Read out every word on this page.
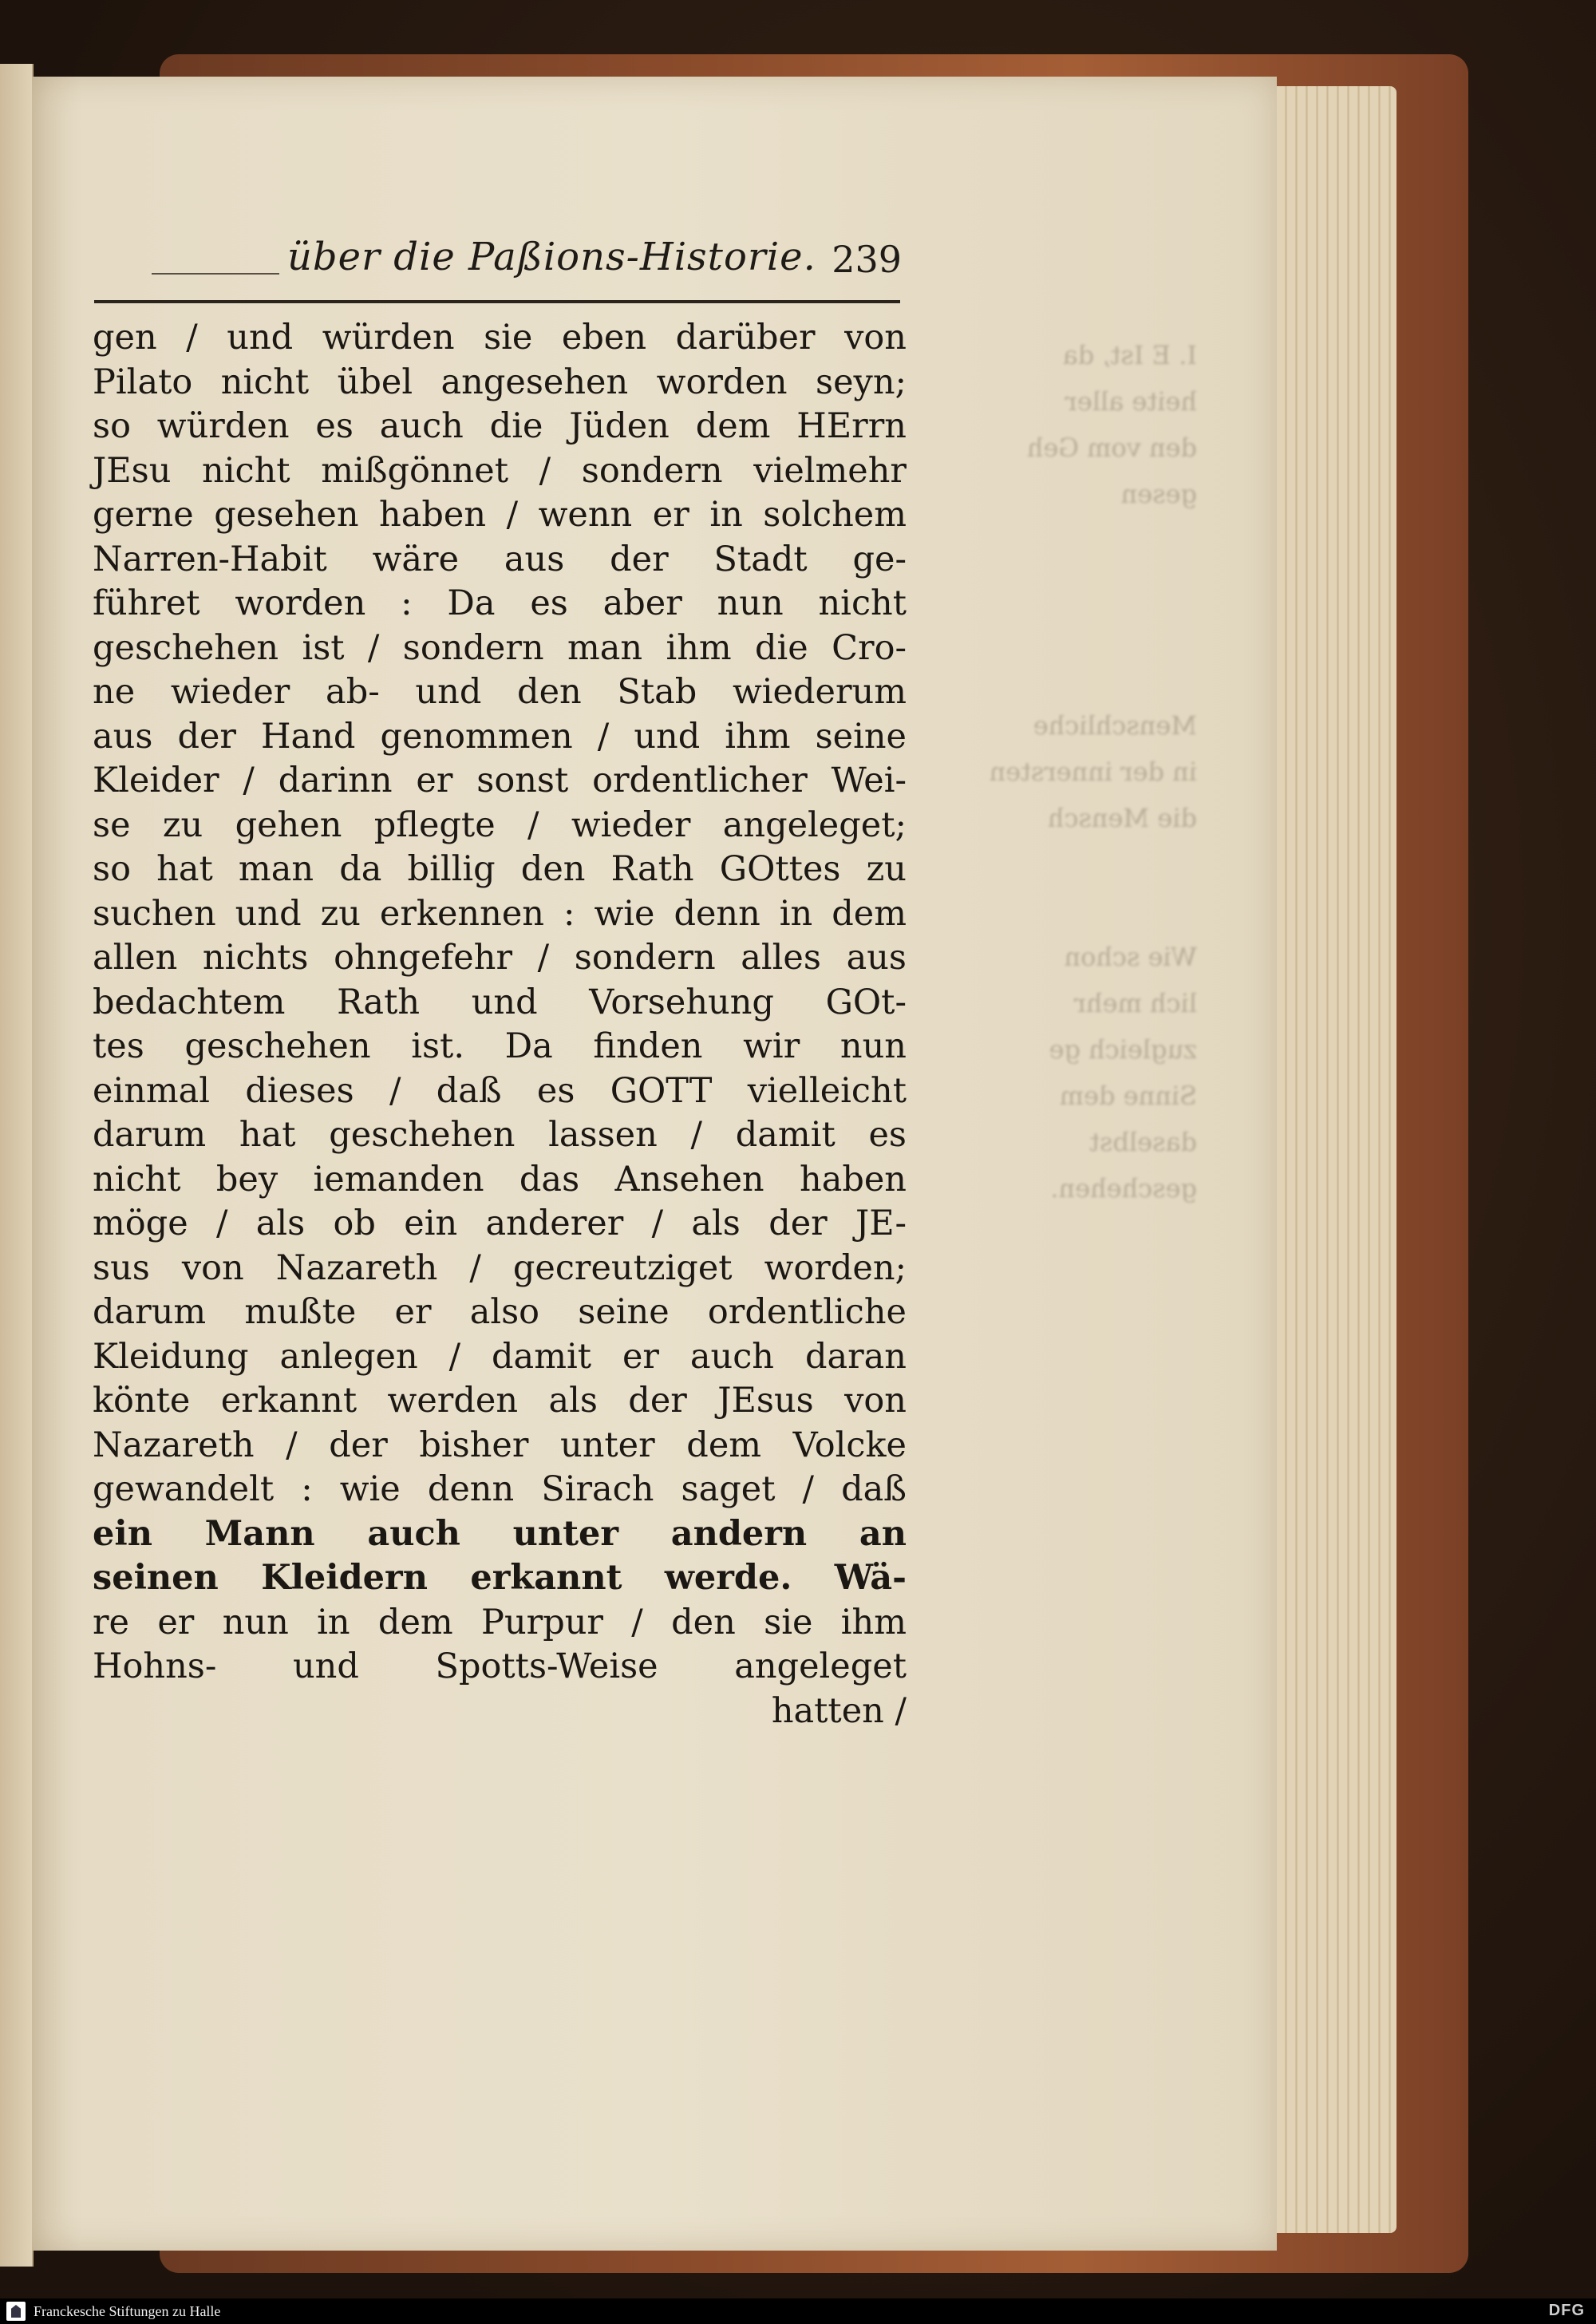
I. E Ist, da
heite aller
den vom Geh
gesen

Menschliche
in der innersten
die Mensch

Wie schon
lich mehr
zugleich ge
Sinne dem
daselbst
geschehen.
über die Paßions-Historie. 239
gen / und würden sie eben darüber von
Pilato nicht übel angesehen worden seyn;
so würden es auch die Jüden dem HErrn
JEsu nicht mißgönnet / sondern vielmehr
gerne gesehen haben / wenn er in solchem
Narren-Habit wäre aus der Stadt ge-
führet worden : Da es aber nun nicht
geschehen ist / sondern man ihm die Cro-
ne wieder ab- und den Stab wiederum
aus der Hand genommen / und ihm seine
Kleider / darinn er sonst ordentlicher Wei-
se zu gehen pflegte / wieder angeleget;
so hat man da billig den Rath GOttes zu
suchen und zu erkennen : wie denn in dem
allen nichts ohngefehr / sondern alles aus
bedachtem Rath und Vorsehung GOt-
tes geschehen ist. Da finden wir nun
einmal dieses / daß es GOTT vielleicht
darum hat geschehen lassen / damit es
nicht bey iemanden das Ansehen haben
möge / als ob ein anderer / als der JE-
sus von Nazareth / gecreutziget worden;
darum mußte er also seine ordentliche
Kleidung anlegen / damit er auch daran
könte erkannt werden als der JEsus von
Nazareth / der bisher unter dem Volcke
gewandelt : wie denn Sirach saget / daß
ein Mann auch unter andern an
seinen Kleidern erkannt werde. Wä-
re er nun in dem Purpur / den sie ihm
Hohns- und Spotts-Weise angeleget
hatten /
Franckesche Stiftungen zu Halle	DFG
